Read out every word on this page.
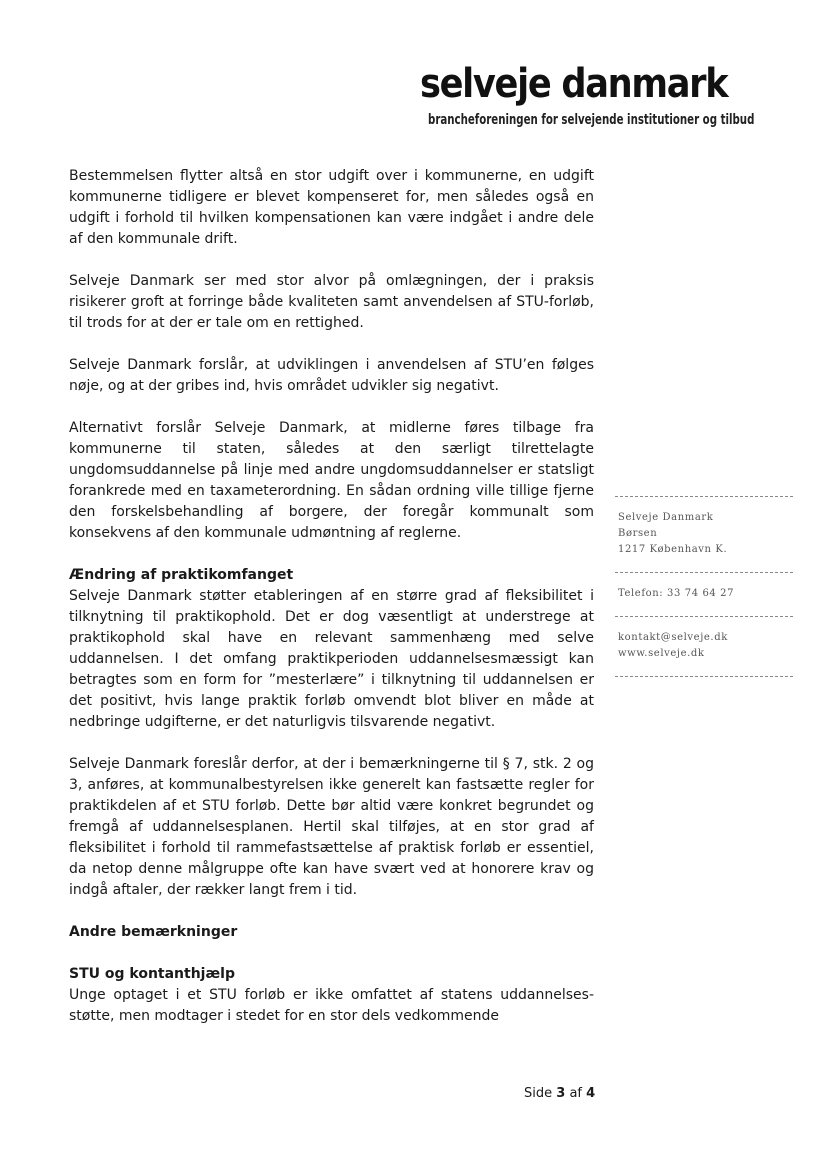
selveje danmark
brancheforeningen for selvejende institutioner og tilbud

Bestemmelsen flytter altså en stor udgift over i kommunerne, en udgift kommunerne tidligere er blevet kompenseret for, men således også en udgift i forhold til hvilken kompensationen kan være indgået i andre dele af den kommunale drift.

Selveje Danmark ser med stor alvor på omlægningen, der i praksis risikerer groft at forringe både kvaliteten samt anvendelsen af STU-forløb, til trods for at der er tale om en rettighed.

Selveje Danmark forslår, at udviklingen i anvendelsen af STU’en følges nøje, og at der gribes ind, hvis området udvikler sig negativt.

Alternativt forslår Selveje Danmark, at midlerne føres tilbage fra kommunerne til staten, således at den særligt tilrettelagte ungdomsuddannelse på linje med andre ungdomsuddannelser er statsligt forankrede med en taxameterordning. En sådan ordning ville tillige fjerne den forskelsbehandling af borgere, der foregår kommunalt som konsekvens af den kommunale udmøntning af reglerne.

Ændring af praktikomfanget

Selveje Danmark støtter etableringen af en større grad af fleksibilitet i tilknytning til praktikophold. Det er dog væsentligt at understrege at praktikophold skal have en relevant sammenhæng med selve uddannelsen. I det omfang praktikperioden uddannelsesmæssigt kan betragtes som en form for ”mesterlære” i tilknytning til uddannelsen er det positivt, hvis lange praktik forløb omvendt blot bliver en måde at nedbringe udgifterne, er det naturligvis tilsvarende negativt.

Selveje Danmark foreslår derfor, at der i bemærkningerne til § 7, stk. 2 og 3, anføres, at kommunalbestyrelsen ikke generelt kan fastsætte regler for praktikdelen af et STU forløb. Dette bør altid være konkret begrundet og fremgå af uddannelsesplanen. Hertil skal tilføjes, at en stor grad af fleksibilitet i forhold til rammefastsættelse af praktisk forløb er essentiel, da netop denne målgruppe ofte kan have svært ved at honorere krav og indgå aftaler, der rækker langt frem i tid.

Andre bemærkninger
STU og kontanthjælp

Unge optaget i et STU forløb er ikke omfattet af statens uddannelses- støtte, men modtager i stedet for en stor dels vedkommende

Selveje Danmark
Børsen
1217 København K.
Telefon: 33 74 64 27
kontakt@selveje.dk
www.selveje.dk
Side 3 af 4
